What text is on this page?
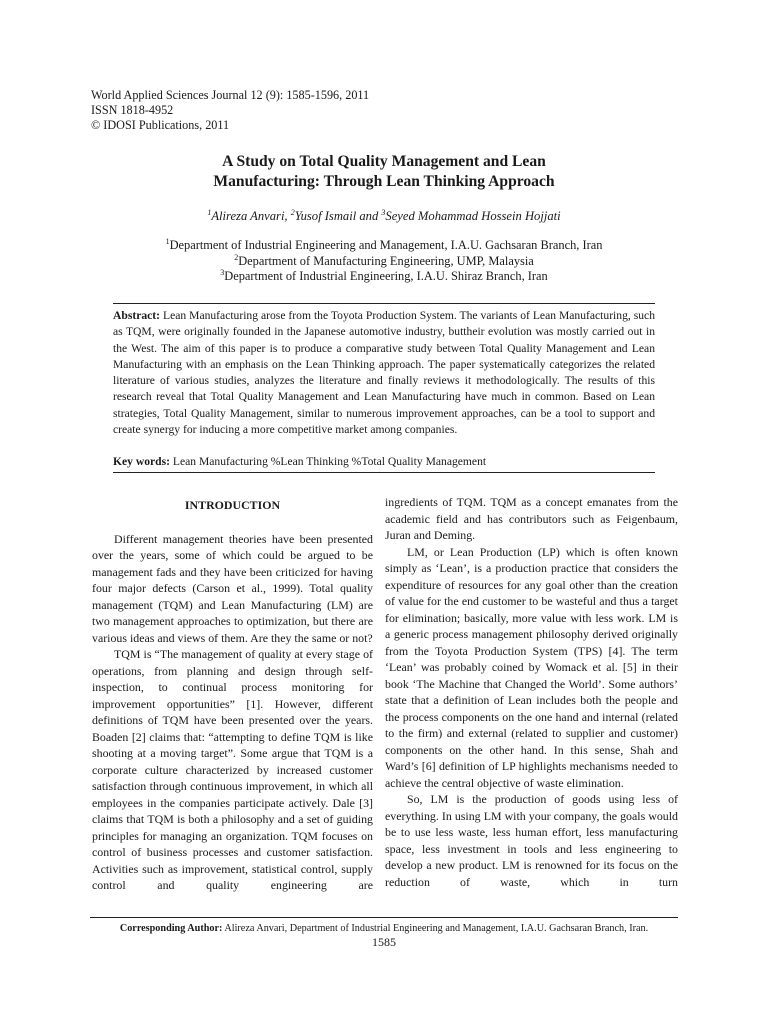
World Applied Sciences Journal 12 (9): 1585-1596, 2011
ISSN 1818-4952
© IDOSI Publications, 2011
A Study on Total Quality Management and Lean
Manufacturing: Through Lean Thinking Approach
$^1$Alireza Anvari, $^2$Yusof Ismail and $^3$Seyed Mohammad Hossein Hojjati
$^1$Department of Industrial Engineering and Management, I.A.U. Gachsaran Branch, Iran
$^2$Department of Manufacturing Engineering, UMP, Malaysia
$^3$Department of Industrial Engineering, I.A.U. Shiraz Branch, Iran
Abstract: Lean Manufacturing arose from the Toyota Production System. The variants of Lean Manufacturing, such as TQM, were originally founded in the Japanese automotive industry, buttheir evolution was mostly carried out in the West. The aim of this paper is to produce a comparative study between Total Quality Management and Lean Manufacturing with an emphasis on the Lean Thinking approach. The paper systematically categorizes the related literature of various studies, analyzes the literature and finally reviews it methodologically. The results of this research reveal that Total Quality Management and Lean Manufacturing have much in common. Based on Lean strategies, Total Quality Management, similar to numerous improvement approaches, can be a tool to support and create synergy for inducing a more competitive market among companies.
Key words: Lean Manufacturing %Lean Thinking %Total Quality Management
INTRODUCTION

Different management theories have been presented over the years, some of which could be argued to be management fads and they have been criticized for having four major defects (Carson et al., 1999). Total quality management (TQM) and Lean Manufacturing (LM) are two management approaches to optimization, but there are various ideas and views of them. Are they the same or not?

TQM is “The management of quality at every stage of operations, from planning and design through self-inspection, to continual process monitoring for improvement opportunities” [1]. However, different definitions of TQM have been presented over the years. Boaden [2] claims that: “attempting to define TQM is like shooting at a moving target”. Some argue that TQM is a corporate culture characterized by increased customer satisfaction through continuous improvement, in which all employees in the companies participate actively. Dale [3] claims that TQM is both a philosophy and a set of guiding principles for managing an organization. TQM focuses on control of business processes and customer satisfaction. Activities such as improvement, statistical control, supply control and quality engineering are

ingredients of TQM. TQM as a concept emanates from the academic field and has contributors such as Feigenbaum, Juran and Deming.

LM, or Lean Production (LP) which is often known simply as ‘Lean’, is a production practice that considers the expenditure of resources for any goal other than the creation of value for the end customer to be wasteful and thus a target for elimination; basically, more value with less work. LM is a generic process management philosophy derived originally from the Toyota Production System (TPS) [4]. The term ‘Lean’ was probably coined by Womack et al. [5] in their book ‘The Machine that Changed the World’. Some authors’ state that a definition of Lean includes both the people and the process components on the one hand and internal (related to the firm) and external (related to supplier and customer) components on the other hand. In this sense, Shah and Ward’s [6] definition of LP highlights mechanisms needed to achieve the central objective of waste elimination.

So, LM is the production of goods using less of everything. In using LM with your company, the goals would be to use less waste, less human effort, less manufacturing space, less investment in tools and less engineering to develop a new product. LM is renowned for its focus on the reduction of waste, which in turn

Corresponding Author: Alireza Anvari, Department of Industrial Engineering and Management, I.A.U. Gachsaran Branch, Iran.
1585
